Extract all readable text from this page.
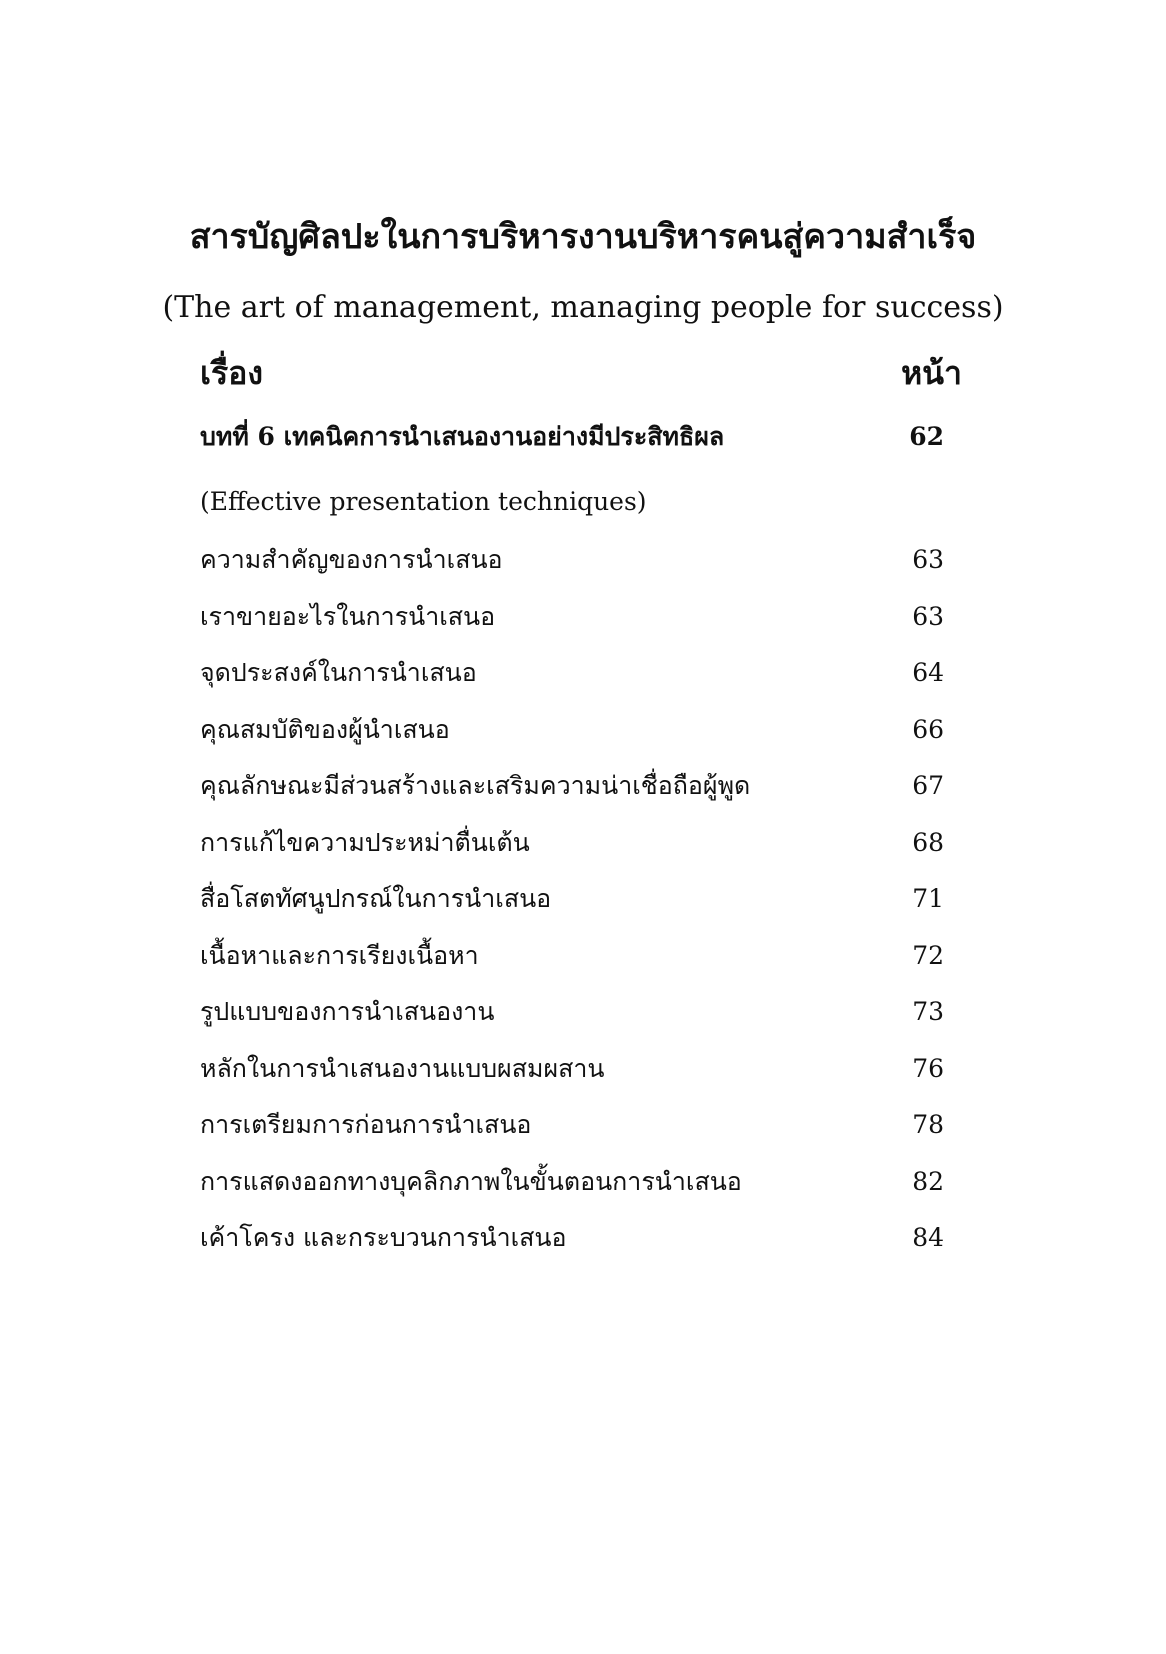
สารบัญศิลปะในการบริหารงานบริหารคนสู่ความสำเร็จ
(The art of management, managing people for success)
เรื่อง	หน้า
บทที่ 6 เทคนิคการนำเสนองานอย่างมีประสิทธิผล	62
(Effective presentation techniques)
ความสำคัญของการนำเสนอ	63
เราขายอะไรในการนำเสนอ	63
จุดประสงค์ในการนำเสนอ	64
คุณสมบัติของผู้นำเสนอ	66
คุณลักษณะมีส่วนสร้างและเสริมความน่าเชื่อถือผู้พูด	67
การแก้ไขความประหม่าตื่นเต้น	68
สื่อโสตทัศนูปกรณ์ในการนำเสนอ	71
เนื้อหาและการเรียงเนื้อหา	72
รูปแบบของการนำเสนองาน	73
หลักในการนำเสนองานแบบผสมผสาน	76
การเตรียมการก่อนการนำเสนอ	78
การแสดงออกทางบุคลิกภาพในขั้นตอนการนำเสนอ	82
เค้าโครง และกระบวนการนำเสนอ	84
